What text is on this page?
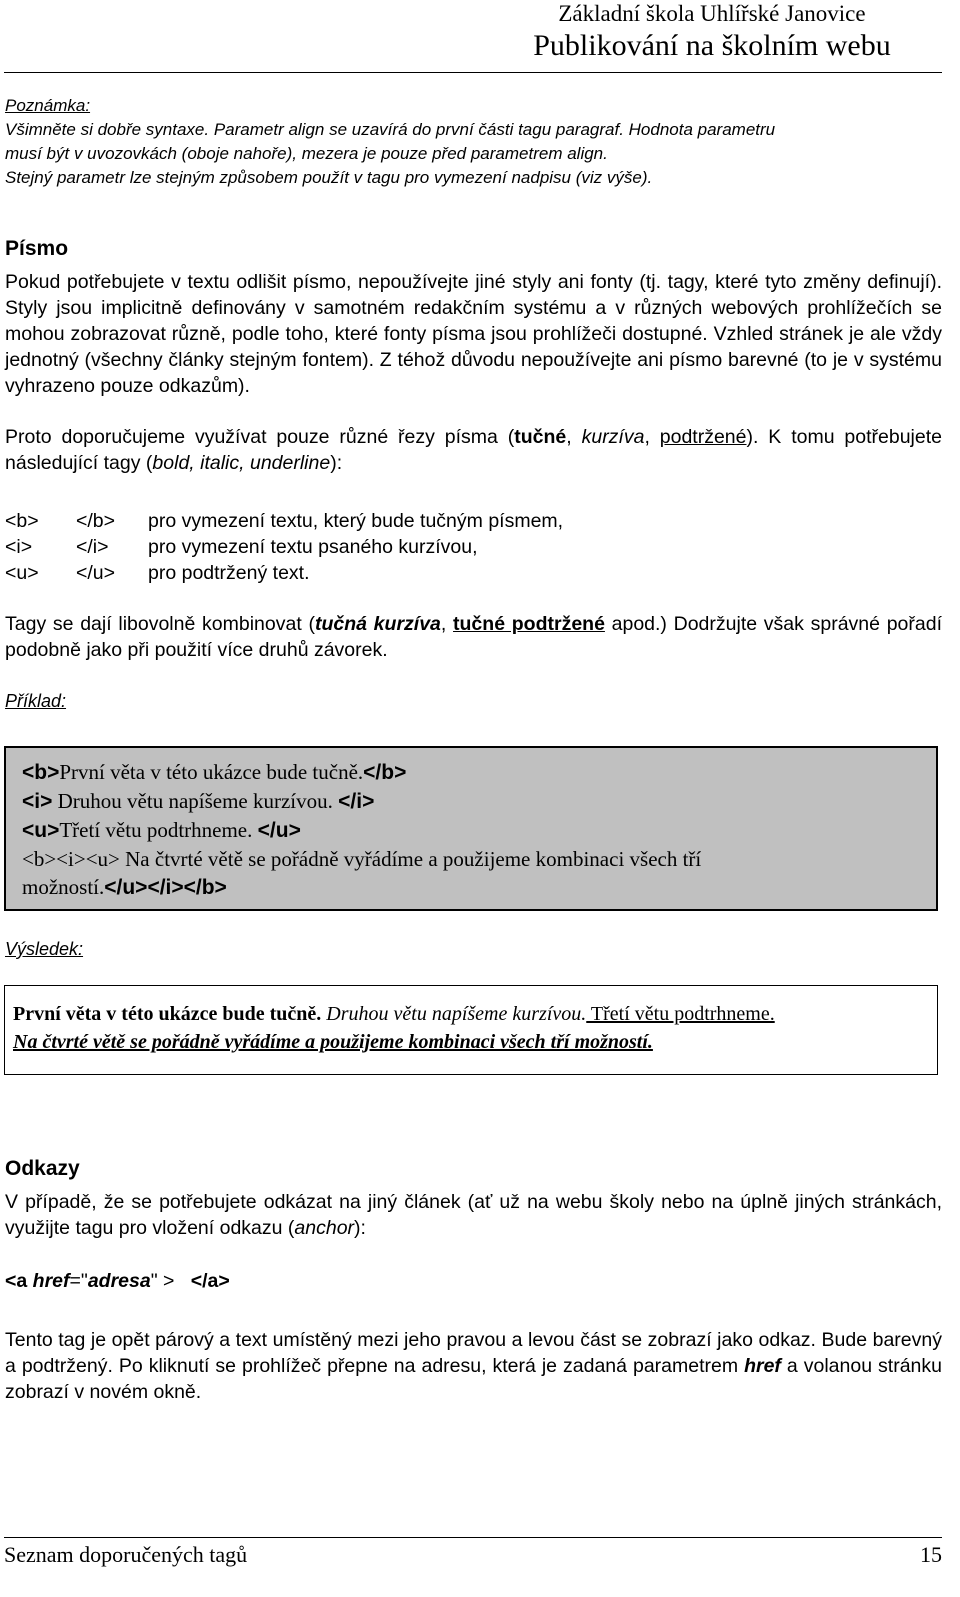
Základní škola Uhlířské Janovice
Publikování na školním webu
Poznámka:
Všimněte si dobře syntaxe. Parametr align se uzavírá do první části tagu paragraf. Hodnota parametru
musí být v uvozovkách (oboje nahoře), mezera je pouze před parametrem align.
Stejný parametr lze stejným způsobem použít v tagu pro vymezení nadpisu (viz výše).
Písmo
Pokud potřebujete v textu odlišit písmo, nepoužívejte jiné styly ani fonty (tj. tagy, které tyto změny definují). Styly jsou implicitně definovány v samotném redakčním systému a v různých webových prohlížečích se mohou zobrazovat různě, podle toho, které fonty písma jsou prohlížeči dostupné. Vzhled stránek je ale vždy jednotný (všechny články stejným fontem). Z téhož důvodu nepoužívejte ani písmo barevné (to je v systému vyhrazeno pouze odkazům).
Proto doporučujeme využívat pouze různé řezy písma (tučné, kurzíva, podtržené). K tomu potřebujete následující tagy (bold, italic, underline):
<b> </b> pro vymezení textu, který bude tučným písmem,
<i> </i> pro vymezení textu psaného kurzívou,
<u> </u> pro podtržený text.
Tagy se dají libovolně kombinovat (tučná kurzíva, tučné podtržené apod.) Dodržujte však správné pořadí podobně jako při použití více druhů závorek.
Příklad:
<b>První věta v této ukázce bude tučně.</b>
<i> Druhou větu napíšeme kurzívou. </i>
<u>Třetí větu podtrhneme. </u>
<b><i><u> Na čtvrté větě se pořádně vyřádíme a použijeme kombinaci všech tří
možností.</u></i></b>
Výsledek:
První věta v této ukázce bude tučně. Druhou větu napíšeme kurzívou. Třetí větu podtrhneme.
Na čtvrté větě se pořádně vyřádíme a použijeme kombinaci všech tří možností.
Odkazy
V případě, že se potřebujete odkázat na jiný článek (ať už na webu školy nebo na úplně jiných stránkách, využijte tagu pro vložení odkazu (anchor):
<a href="adresa" > </a>
Tento tag je opět párový a text umístěný mezi jeho pravou a levou část se zobrazí jako odkaz. Bude barevný a podtržený. Po kliknutí se prohlížeč přepne na adresu, která je zadaná parametrem href a volanou stránku zobrazí v novém okně.
Seznam doporučených tagů	15
